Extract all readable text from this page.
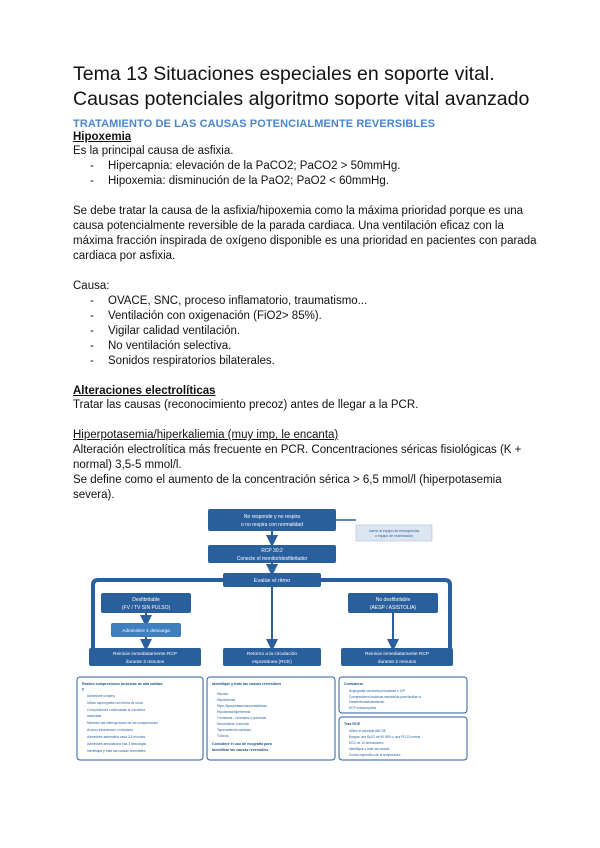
Tema 13 Situaciones especiales en soporte vital.
Causas potenciales algoritmo soporte vital avanzado
TRATAMIENTO DE LAS CAUSAS POTENCIALMENTE REVERSIBLES
Hipoxemia

Es la principal causa de asfixia.

- Hipercapnia: elevación de la PaCO2; PaCO2 > 50mmHg.
- Hipoxemia: disminución de la PaO2; PaO2 < 60mmHg.

Se debe tratar la causa de la asfixia/hipoxemia como la máxima prioridad porque es una causa potencialmente reversible de la parada cardiaca. Una ventilación eficaz con la máxima fracción inspirada de oxígeno disponible es una prioridad en pacientes con parada cardiaca por asfixia.

Causa:

- OVACE, SNC, proceso inflamatorio, traumatismo...
- Ventilación con oxigenación (FiO2> 85%).
- Vigilar calidad ventilación.
- No ventilación selectiva.
- Sonidos respiratorios bilaterales.
Alteraciones electrolíticas

Tratar las causas (reconocimiento precoz) antes de llegar a la PCR.

Hiperpotasemia/hiperkaliemia (muy imp, le encanta)

Alteración electrolítica más frecuente en PCR. Concentraciones séricas fisiológicas (K + normal) 3,5-5 mmol/l.

Se define como el aumento de la concentración sérica > 6,5 mmol/l (hiperpotasemia severa).

No responde y no respira
o no respira con normalidad
Llame al equipo de emergencias
o equipo de reanimación
RCP 30:2
Conecte el monitor/desfibrilador
Evalúe el ritmo
Desfibrilable
(FV / TV SIN PULSO)
No desfibrilable
(AESP / ASISTOLIA)
Administre 1 descarga
Reinicie inmediatamente RCP
durante 2 minutos
Retorno a la circulación
espontánea (RCE)
Reinicie inmediatamente RCP
durante 2 minutos
Realice compresiones torácicas de alta calidad
y
Administre oxígeno
Utilice capnografía con forma de onda
Compresiones continuadas si vía aérea
avanzada
Minimice las interrupciones de las compresiones
Acceso intravenoso o intraóseo
Administre adrenalina cada 3-5 minutos
Administre amiodarona tras 3 descargas
Identifique y trate las causas reversibles
Identifique y trate las causas reversibles
Hipoxia
Hipovolemia
Hipo-/hiperpotasemia/metabólicas
Hipotermia/hipertermia
Trombosis - coronaria o pulmonar
Neumotórax a tensión
Taponamiento cardíaco
Tóxicos
Considere el uso de ecografía para
identificar las causas reversibles
Considerar
Angiografía coronaria percutánea e ICP
Compresiones torácicas mecánicas para facilitar la
transferencia/tratamiento
RCP extracorpórea
Tras RCE
Utilice el abordaje ABCDE
Busque una SpO2 de 94-98% y una PCO2 normal
ECG de 12 derivaciones
Identifique y trate las causas
Control específico de la temperatura
